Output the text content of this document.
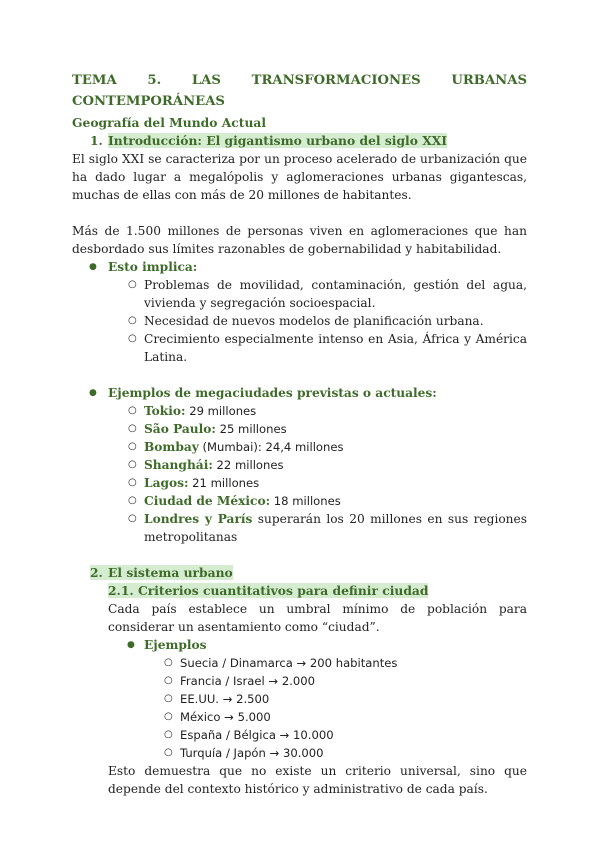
TEMA 5. LAS TRANSFORMACIONES URBANAS
CONTEMPORÁNEAS
Geografía del Mundo Actual
1. Introducción: El gigantismo urbano del siglo XXI

El siglo XXI se caracteriza por un proceso acelerado de urbanización que ha dado lugar a megalópolis y aglomeraciones urbanas gigantescas, muchas de ellas con más de 20 millones de habitantes.

Más de 1.500 millones de personas viven en aglomeraciones que han desbordado sus límites razonables de gobernabilidad y habitabilidad.

● Esto implica:
○ Problemas de movilidad, contaminación, gestión del agua, vivienda y segregación socioespacial.
○ Necesidad de nuevos modelos de planificación urbana.
○ Crecimiento especialmente intenso en Asia, África y América Latina.
● Ejemplos de megaciudades previstas o actuales:
○ Tokio: 29 millones
○ São Paulo: 25 millones
○ Bombay (Mumbai): 24,4 millones
○ Shanghái: 22 millones
○ Lagos: 21 millones
○ Ciudad de México: 18 millones
○ Londres y París superarán los 20 millones en sus regiones metropolitanas
2. El sistema urbano
2.1. Criterios cuantitativos para definir ciudad

Cada país establece un umbral mínimo de población para considerar un asentamiento como “ciudad”.

● Ejemplos
○ Suecia / Dinamarca → 200 habitantes
○ Francia / Israel → 2.000
○ EE.UU. → 2.500
○ México → 5.000
○ España / Bélgica → 10.000
○ Turquía / Japón → 30.000

Esto demuestra que no existe un criterio universal, sino que depende del contexto histórico y administrativo de cada país.
